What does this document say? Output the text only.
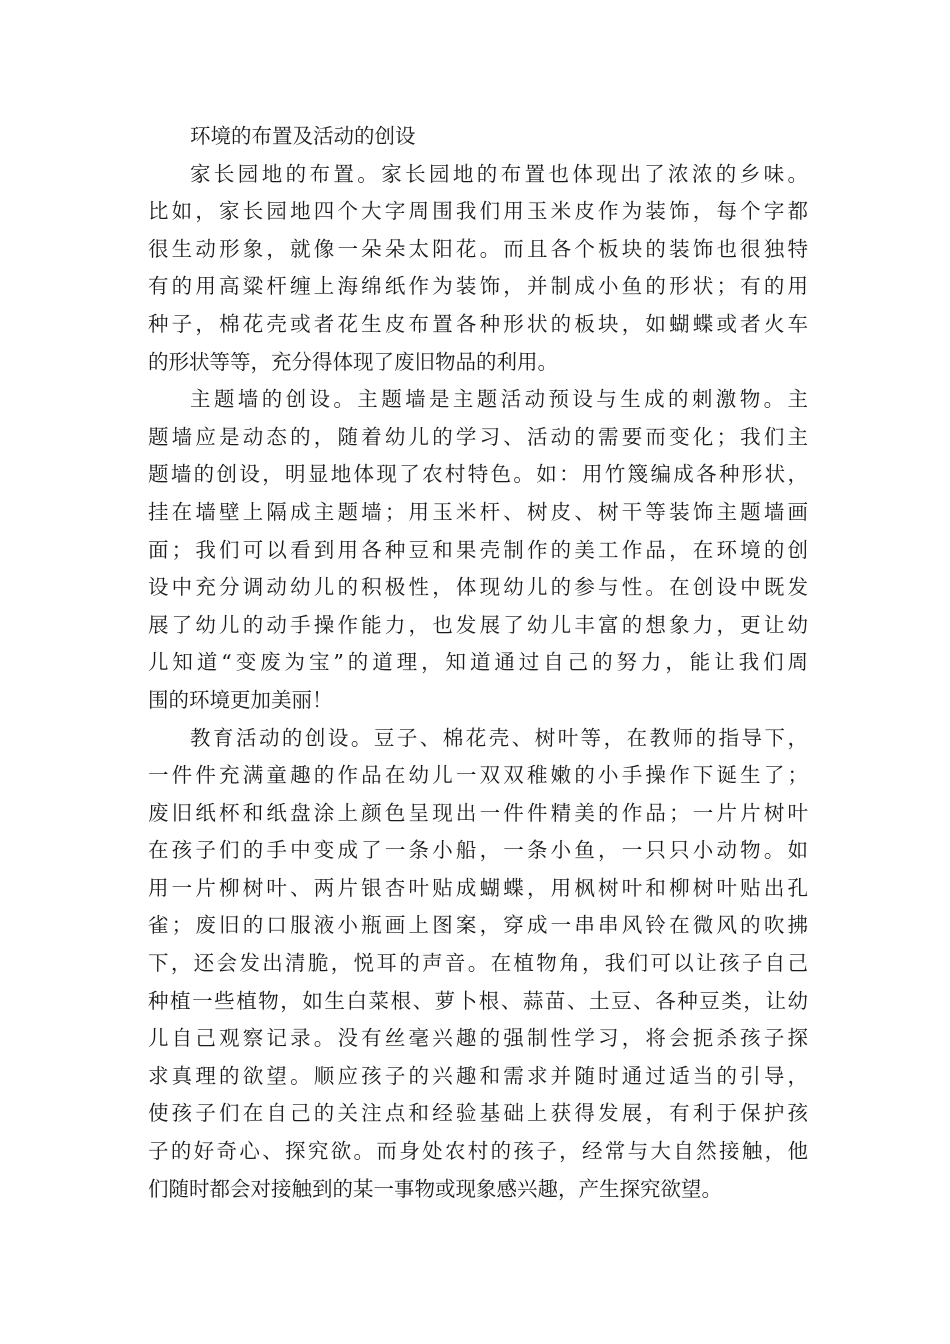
环境的布置及活动的创设
家长园地的布置。家长园地的布置也体现出了浓浓的乡味。
比如，家长园地四个大字周围我们用玉米皮作为装饰，每个字都
很生动形象，就像一朵朵太阳花。而且各个板块的装饰也很独特
有的用高粱杆缠上海绵纸作为装饰，并制成小鱼的形状；有的用
种子，棉花壳或者花生皮布置各种形状的板块，如蝴蝶或者火车
的形状等等，充分得体现了废旧物品的利用。
主题墙的创设。主题墙是主题活动预设与生成的刺激物。主
题墙应是动态的，随着幼儿的学习、活动的需要而变化；我们主
题墙的创设，明显地体现了农村特色。如：用竹篾编成各种形状，
挂在墙壁上隔成主题墙；用玉米杆、树皮、树干等装饰主题墙画
面；我们可以看到用各种豆和果壳制作的美工作品，在环境的创
设中充分调动幼儿的积极性，体现幼儿的参与性。在创设中既发
展了幼儿的动手操作能力，也发展了幼儿丰富的想象力，更让幼
儿知道“变废为宝”的道理，知道通过自己的努力，能让我们周
围的环境更加美丽！
教育活动的创设。豆子、棉花壳、树叶等，在教师的指导下，
一件件充满童趣的作品在幼儿一双双稚嫩的小手操作下诞生了；
废旧纸杯和纸盘涂上颜色呈现出一件件精美的作品；一片片树叶
在孩子们的手中变成了一条小船，一条小鱼，一只只小动物。如
用一片柳树叶、两片银杏叶贴成蝴蝶，用枫树叶和柳树叶贴出孔
雀；废旧的口服液小瓶画上图案，穿成一串串风铃在微风的吹拂
下，还会发出清脆，悦耳的声音。在植物角，我们可以让孩子自己
种植一些植物，如生白菜根、萝卜根、蒜苗、土豆、各种豆类，让幼
儿自己观察记录。没有丝毫兴趣的强制性学习，将会扼杀孩子探
求真理的欲望。顺应孩子的兴趣和需求并随时通过适当的引导，
使孩子们在自己的关注点和经验基础上获得发展，有利于保护孩
子的好奇心、探究欲。而身处农村的孩子，经常与大自然接触，他
们随时都会对接触到的某一事物或现象感兴趣，产生探究欲望。
